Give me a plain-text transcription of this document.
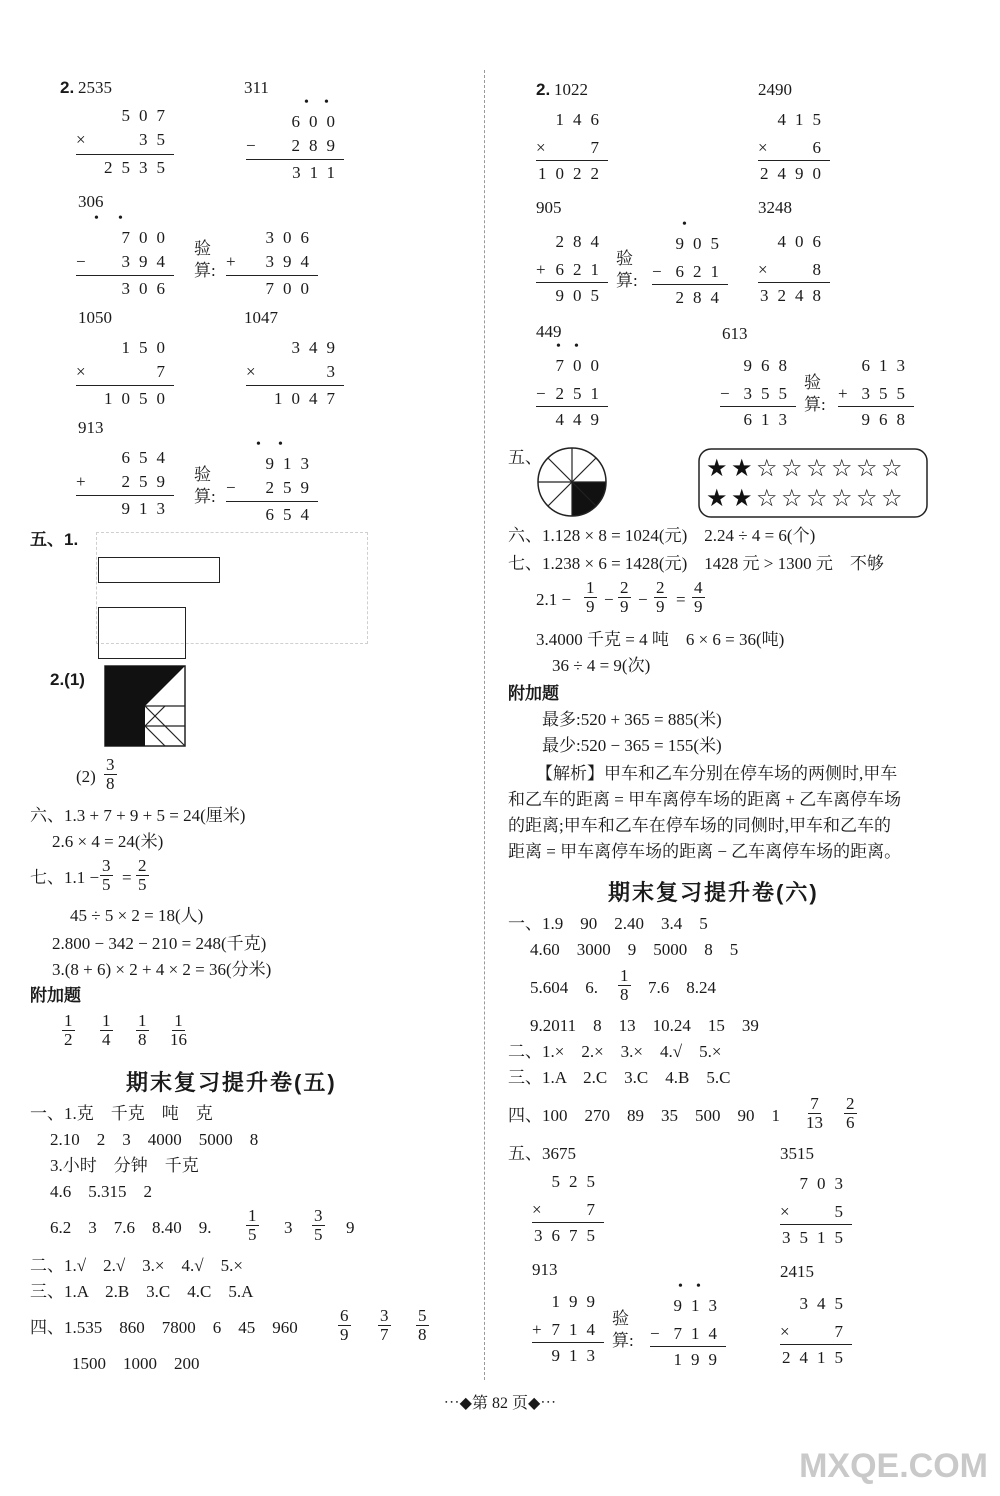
2. 2535	311
507
×	35
2535
• •
600
− 289
311
306
• •
700
− 394
306
验
算:
306
+ 394
700
1050	1047
150
×	7
1050
349
×	3
1047
913
654
+ 259
913
验
算:
• •
913
− 259
654
五、1.
2.(1)
$(2) \frac{3}{8}$
六、1.3 + 7 + 9 + 5 = 24(厘米)
2.6 × 4 = 24(米)
七、$1.1 - \frac{3}{5} = \frac{2}{5}$
45 ÷ 5 × 2 = 18(人)
2.800 − 342 − 210 = 248(千克)
3.(8 + 6) × 2 + 4 × 2 = 36(分米)
附加题
$\frac{1}{2} \frac{1}{4} \frac{1}{8} \frac{1}{16}$
期末复习提升卷(五)
一、1.克　千克　吨　克
2.10　2　3　4000　5000　8
3.小时　分钟　千克
4.6　5.315　2
6.2　3　7.6　8.40　9. $\frac{1}{5} 3 \frac{3}{5} 9$
二、1.√　2.√　3.×　4.√　5.×
三、1.A　2.B　3.C　4.C　5.A
四、1.535　860　7800　6　45　$960 \frac{6}{9} \frac{3}{7} \frac{5}{8}$
1500　1000　200
2. 1022	2490
146
×	7
1022
415
×	6
2490
905	3248
284
+ 621
905
验
算:
•
905
− 621
284
406
×	8
3248
449	613
• •
700
− 251
449
968
− 355
613
验
算:
613
+ 355
968
五、	★ ★ ☆ ☆ ☆ ☆ ☆ ☆
★ ★ ☆ ☆ ☆ ☆ ☆ ☆
六、1.128 × 8 = 1024(元)　2.24 ÷ 4 = 6(个)
七、1.238 × 6 = 1428(元)　1428 元 > 1300 元　不够
$2.1 - \frac{1}{9} - \frac{2}{9} - \frac{2}{9} = \frac{4}{9}$
3.4000 千克 = 4 吨　6 × 6 = 36(吨)
36 ÷ 4 = 9(次)
附加题
最多:520 + 365 = 885(米)
最少:520 − 365 = 155(米)
【解析】甲车和乙车分别在停车场的两侧时,甲车
和乙车的距离 = 甲车离停车场的距离 + 乙车离停车场
的距离;甲车和乙车在停车场的同侧时,甲车和乙车的
距离 = 甲车离停车场的距离 − 乙车离停车场的距离。
期末复习提升卷(六)
一、1.9　90　2.40　3.4　5
4.60　3000　9　5000　8　5
5.604　6. $\frac{1}{8} 7.6$　8.24
9.2011　8　13　10.24　15　39
二、1.×　2.×　3.×　4.√　5.×
三、1.A　2.C　3.C　4.B　5.C
四、100　270　89　35　500　90　$1 \frac{7}{13} \frac{2}{6}$
五、3675	3515
525
×	7
3675
703
×	5
3515
913	2415
199
+ 714
913
验
算:
• •
913
− 714
199
345
×	7
2415
⋯◆第 82 页◆⋯
MXQE.COM
